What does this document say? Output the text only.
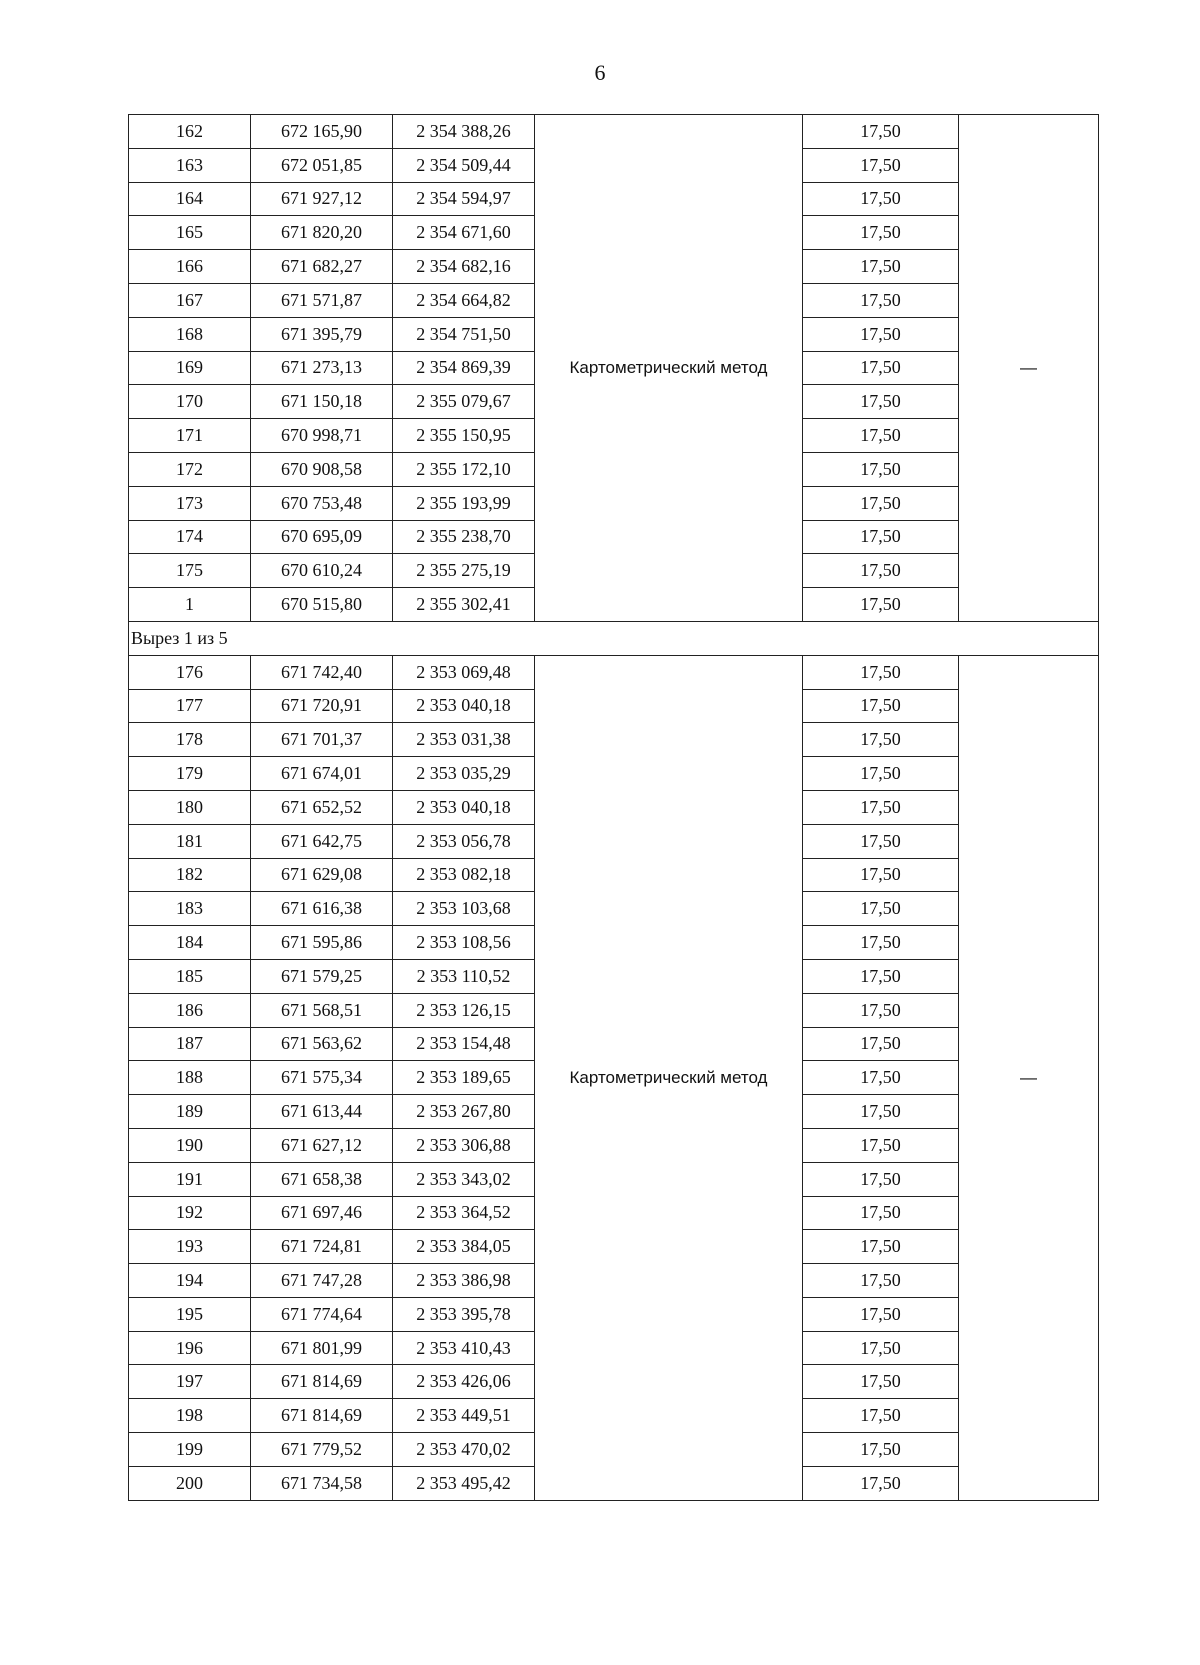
6
162	672 165,90	2 354 388,26	Картометрический метод	17,50	—
163	672 051,85	2 354 509,44		17,50	
164	671 927,12	2 354 594,97		17,50	
165	671 820,20	2 354 671,60		17,50	
166	671 682,27	2 354 682,16		17,50	
167	671 571,87	2 354 664,82		17,50	
168	671 395,79	2 354 751,50		17,50	
169	671 273,13	2 354 869,39		17,50	
170	671 150,18	2 355 079,67		17,50	
171	670 998,71	2 355 150,95		17,50	
172	670 908,58	2 355 172,10		17,50	
173	670 753,48	2 355 193,99		17,50	
174	670 695,09	2 355 238,70		17,50	
175	670 610,24	2 355 275,19		17,50	
1	670 515,80	2 355 302,41		17,50	
Вырез 1 из 5					
176	671 742,40	2 353 069,48	Картометрический метод	17,50	—
177	671 720,91	2 353 040,18		17,50	
178	671 701,37	2 353 031,38		17,50	
179	671 674,01	2 353 035,29		17,50	
180	671 652,52	2 353 040,18		17,50	
181	671 642,75	2 353 056,78		17,50	
182	671 629,08	2 353 082,18		17,50	
183	671 616,38	2 353 103,68		17,50	
184	671 595,86	2 353 108,56		17,50	
185	671 579,25	2 353 110,52		17,50	
186	671 568,51	2 353 126,15		17,50	
187	671 563,62	2 353 154,48		17,50	
188	671 575,34	2 353 189,65		17,50	
189	671 613,44	2 353 267,80		17,50	
190	671 627,12	2 353 306,88		17,50	
191	671 658,38	2 353 343,02		17,50	
192	671 697,46	2 353 364,52		17,50	
193	671 724,81	2 353 384,05		17,50	
194	671 747,28	2 353 386,98		17,50	
195	671 774,64	2 353 395,78		17,50	
196	671 801,99	2 353 410,43		17,50	
197	671 814,69	2 353 426,06		17,50	
198	671 814,69	2 353 449,51		17,50	
199	671 779,52	2 353 470,02		17,50	
200	671 734,58	2 353 495,42		17,50	
